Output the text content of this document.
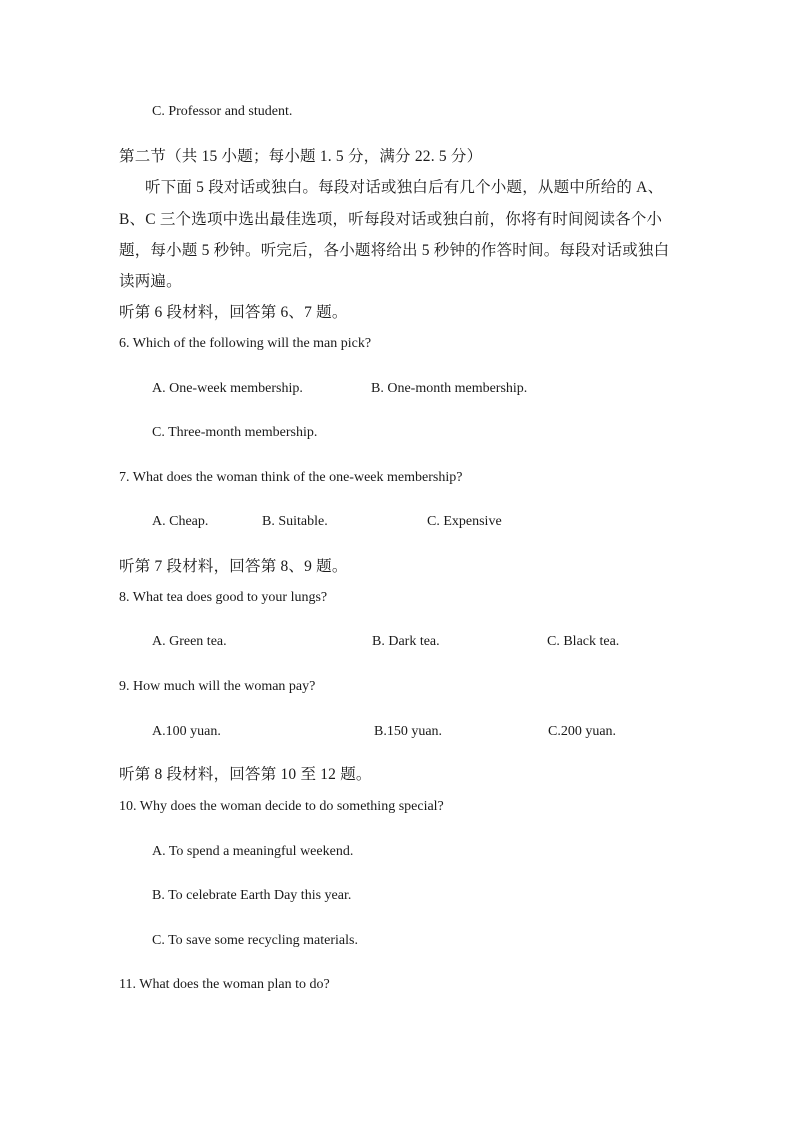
C. Professor and student.
第二节（共 15 小题；每小题 1. 5 分，满分 22. 5 分）
听下面 5 段对话或独白。每段对话或独白后有几个小题，从题中所给的 A、
B、C 三个选项中选出最佳选项，听每段对话或独白前，你将有时间阅读各个小
题，每小题 5 秒钟。听完后，各小题将给出 5 秒钟的作答时间。每段对话或独白
读两遍。
听第 6 段材料，回答第 6、7 题。
6. Which of the following will the man pick?
A. One-week membership.	B. One-month membership.
C. Three-month membership.
7. What does the woman think of the one-week membership?
A. Cheap.	B. Suitable.	C. Expensive
听第 7 段材料，回答第 8、9 题。
8. What tea does good to your lungs?
A. Green tea.	B. Dark tea.	C. Black tea.
9. How much will the woman pay?
A.100 yuan.	B.150 yuan.	C.200 yuan.
听第 8 段材料，回答第 10 至 12 题。
10. Why does the woman decide to do something special?
A. To spend a meaningful weekend.
B. To celebrate Earth Day this year.
C. To save some recycling materials.
11. What does the woman plan to do?
